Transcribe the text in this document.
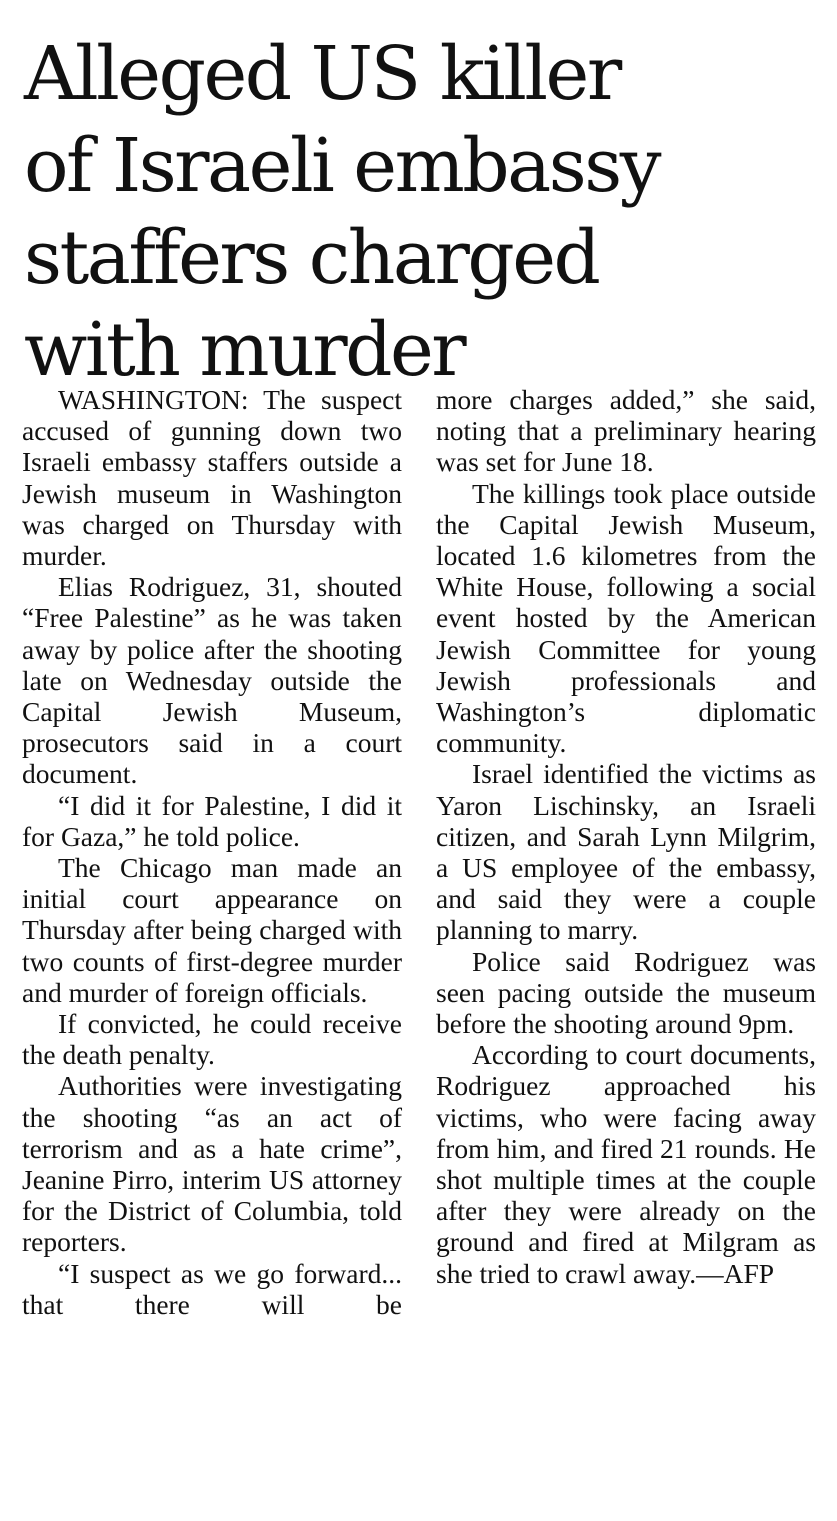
Alleged US killer
of Israeli embassy
staffers charged
with murder

WASHINGTON: The suspect accused of gunning down two Israeli embassy staffers outside a Jewish museum in Washington was charged on Thursday with murder.

Elias Rodriguez, 31, shouted “Free Palestine” as he was taken away by police after the shooting late on Wednesday outside the Capital Jewish Museum, prosecutors said in a court document.

“I did it for Palestine, I did it for Gaza,” he told police.

The Chicago man made an initial court appearance on Thursday after being charged with two counts of first-degree murder and murder of foreign officials.

If convicted, he could receive the death penalty.

Authorities were investigating the shooting “as an act of terrorism and as a hate crime”, Jeanine Pirro, interim US attorney for the District of Columbia, told reporters.

“I suspect as we go forward... that there will be

more charges added,” she said, noting that a preliminary hearing was set for June 18.

The killings took place outside the Capital Jewish Museum, located 1.6 kilometres from the White House, following a social event hosted by the American Jewish Committee for young Jewish professionals and Washington’s diplomatic community.

Israel identified the victims as Yaron Lischinsky, an Israeli citizen, and Sarah Lynn Milgrim, a US employee of the embassy, and said they were a couple planning to marry.

Police said Rodriguez was seen pacing outside the museum before the shooting around 9pm.

According to court documents, Rodriguez approached his victims, who were facing away from him, and fired 21 rounds. He shot multiple times at the couple after they were already on the ground and fired at Milgram as she tried to crawl away.—AFP
